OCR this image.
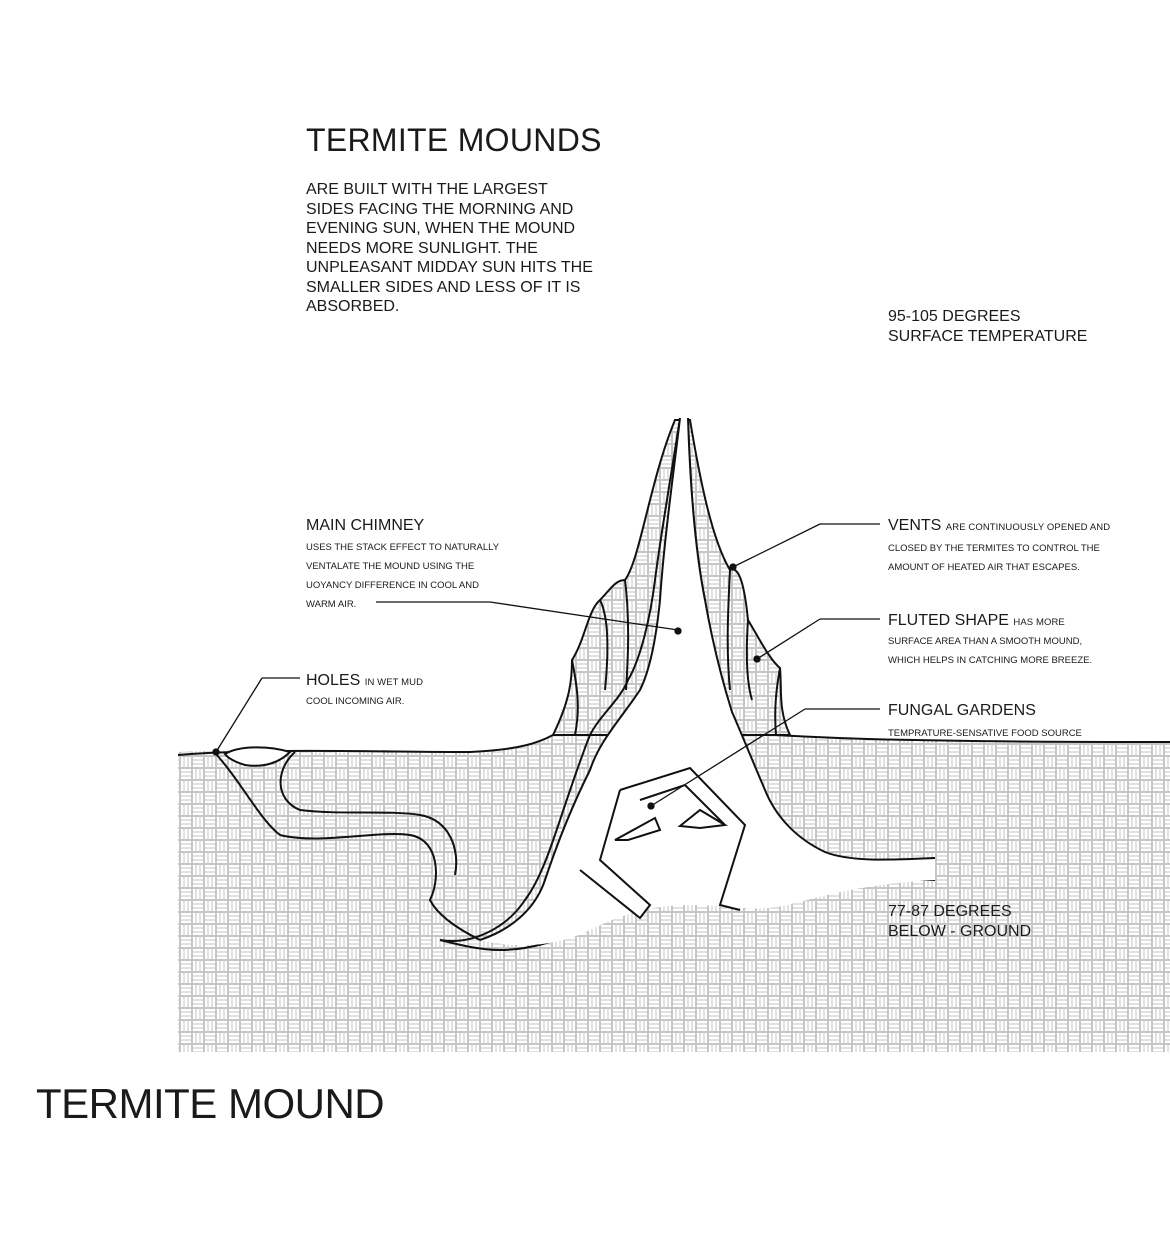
TERMITE MOUNDS

ARE BUILT WITH THE LARGEST
SIDES FACING THE MORNING AND
EVENING SUN, WHEN THE MOUND
NEEDS MORE SUNLIGHT. THE
UNPLEASANT MIDDAY SUN HITS THE
SMALLER SIDES AND LESS OF IT IS
ABSORBED.

95-105 DEGREES
SURFACE TEMPERATURE

77-87 DEGREES
BELOW - GROUND

MAIN CHIMNEY

USES THE STACK EFFECT TO NATURALLY
VENTALATE THE MOUND USING THE
UOYANCY DIFFERENCE IN COOL AND
WARM AIR.

HOLES IN WET MUD

COOL INCOMING AIR.

VENTS ARE CONTINUOUSLY OPENED AND

CLOSED BY THE TERMITES TO CONTROL THE
AMOUNT OF HEATED AIR THAT ESCAPES.

FLUTED SHAPE HAS MORE

SURFACE AREA THAN A SMOOTH MOUND,
WHICH HELPS IN CATCHING MORE BREEZE.

FUNGAL GARDENS

TEMPRATURE-SENSATIVE FOOD SOURCE

TERMITE MOUND
